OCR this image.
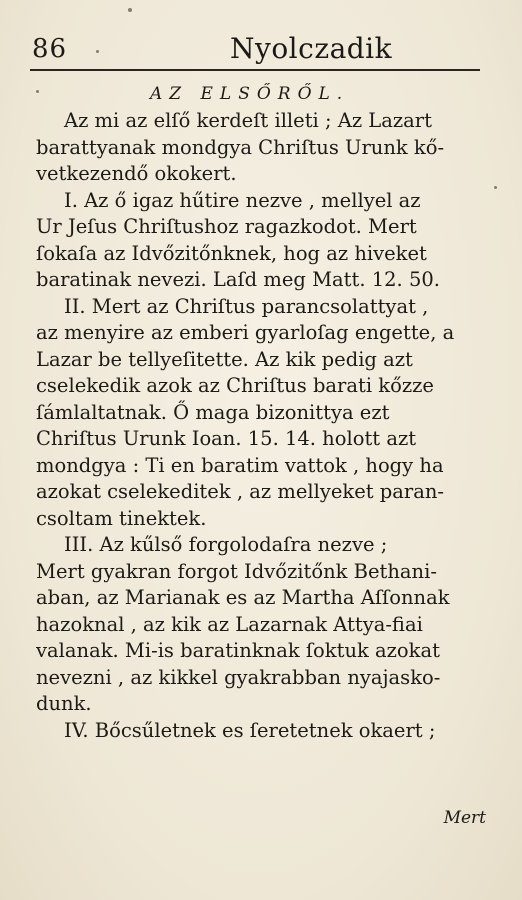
86	Nyolczadik
AZ ELSŐRŐL.
Az mi az elſő kerdeſt illeti ; Az Lazart
barattyanak mondgya Chriſtus Urunk kő-
vetkezendő okokert.
I. Az ő igaz hűtire nezve , mellyel az
Ur Jeſus Chriſtushoz ragazkodot. Mert
ſokaſa az Idvőzitőnknek, hog az hiveket
baratinak nevezi. Laſd meg Matt. 12. 50.
II. Mert az Chriſtus parancsolattyat ,
az menyire az emberi gyarloſag engette, a
Lazar be tellyeſitette. Az kik pedig azt
cselekedik azok az Chriſtus barati kőzze
ſámlaltatnak. Ő maga bizonittya ezt
Chriſtus Urunk Ioan. 15. 14. holott azt
mondgya : Ti en baratim vattok , hogy ha
azokat cselekeditek , az mellyeket paran-
csoltam tinektek.
III. Az kűlső forgolodaſra nezve ;
Mert gyakran forgot Idvőzitőnk Bethani-
aban, az Marianak es az Martha Aſſonnak
hazoknal , az kik az Lazarnak Attya-fiai
valanak. Mi-is baratinknak ſoktuk azokat
nevezni , az kikkel gyakrabban nyajasko-
dunk.
IV. Bőcsűletnek es ſeretetnek okaert ;
Mert
